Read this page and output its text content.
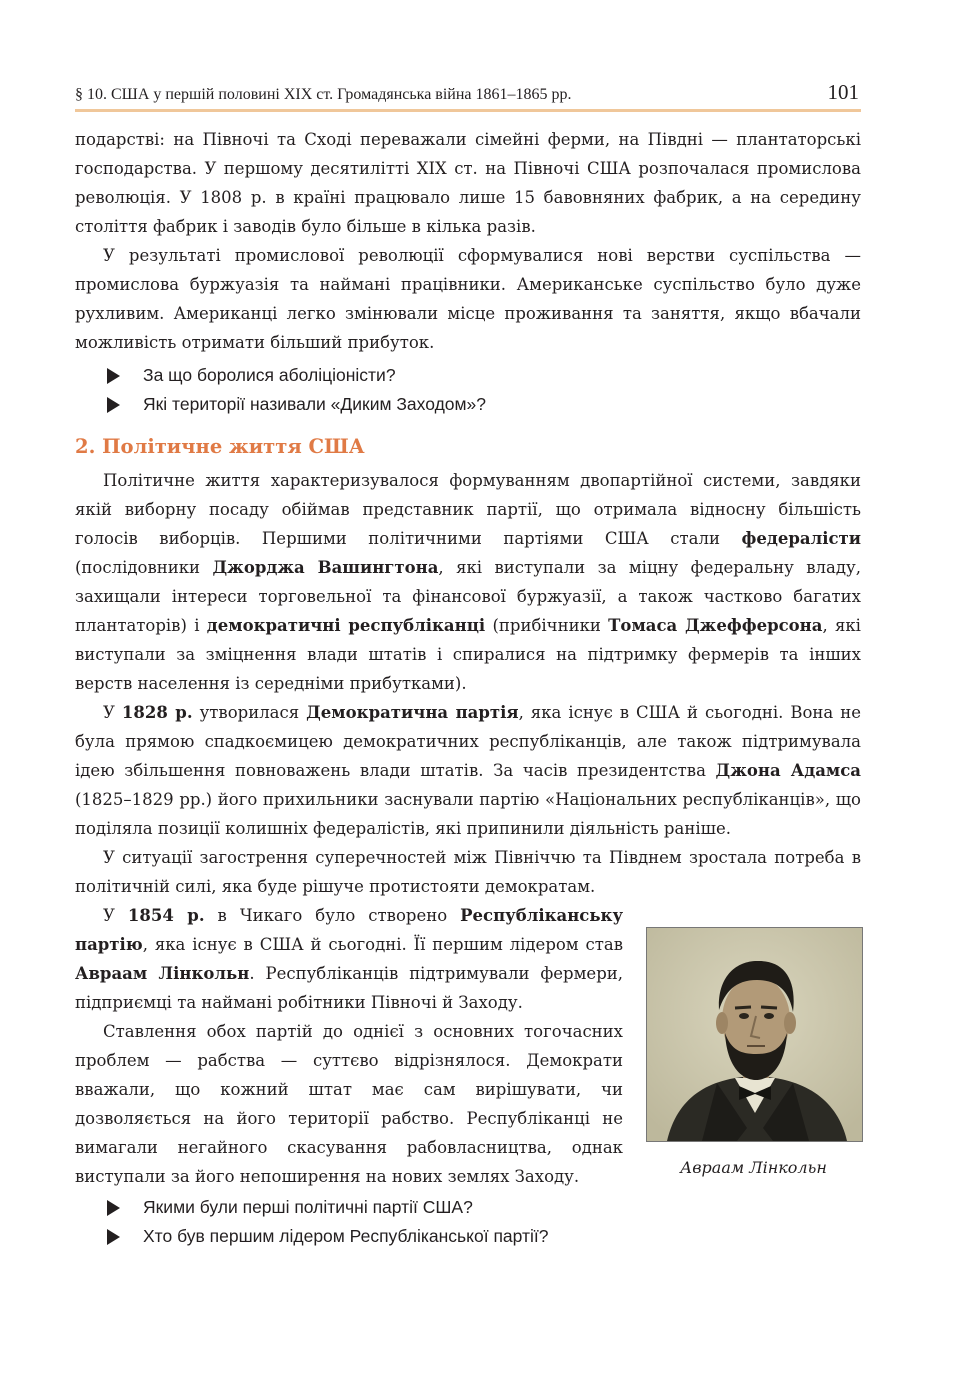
§ 10. США у першій половині XIX ст. Громадянська війна 1861–1865 рр.	101

подарстві: на Півночі та Сході переважали сімейні ферми, на Півдні — плантаторські господарства. У першому десятилітті XIX ст. на Півночі США розпочалася промислова революція. У 1808 р. в країні працювало лише 15 бавовняних фабрик, а на середину століття фабрик і заводів було більше в кілька разів.

У результаті промислової революції сформувалися нові верстви суспільства — промислова буржуазія та наймані працівники. Американське суспільство було дуже рухливим. Американці легко змінювали місце проживання та заняття, якщо вбачали можливість отримати більший прибуток.

За що боролися аболіціоністи?
Які території називали «Диким Заходом»?
2. Політичне життя США

Політичне життя характеризувалося формуванням двопартійної системи, завдяки якій виборну посаду обіймав представник партії, що отримала відносну більшість голосів виборців. Першими політичними партіями США стали федералісти (послідовники Джорджа Вашингтона, які виступали за міцну федеральну владу, захищали інтереси торговельної та фінансової буржуазії, а також частково багатих плантаторів) і демократичні республіканці (прибічники Томаса Джефферсона, які виступали за зміцнення влади штатів і спиралися на підтримку фермерів та інших верств населення із середніми прибутками).

У 1828 р. утворилася Демократична партія, яка існує в США й сьогодні. Вона не була прямою спадкоємицею демократичних республіканців, але також підтримувала ідею збільшення повноважень влади штатів. За часів президентства Джона Адамса (1825–1829 рр.) його прихильники заснували партію «Національних республіканців», що поділяла позиції колишніх федералістів, які припинили діяльність раніше.

У ситуації загострення суперечностей між Північчю та Півднем зростала потреба в політичній силі, яка буде рішуче протистояти демократам.

У 1854 р. в Чикаго було створено Республіканську партію, яка існує в США й сьогодні. Її першим лідером став Авраам Лінкольн. Республіканців підтримували фермери, підприємці та наймані робітники Півночі й Заходу.

Ставлення обох партій до однієї з основних тогочасних проблем — рабства — суттєво відрізнялося. Демократи вважали, що кожний штат має сам вирішувати, чи дозволяється на його території рабство. Республіканці не вимагали негайного скасування рабовласництва, однак виступали за його непоширення на нових землях Заходу.	Авраам Лінкольн
Якими були перші політичні партії США?
Хто був першим лідером Республіканської партії?
